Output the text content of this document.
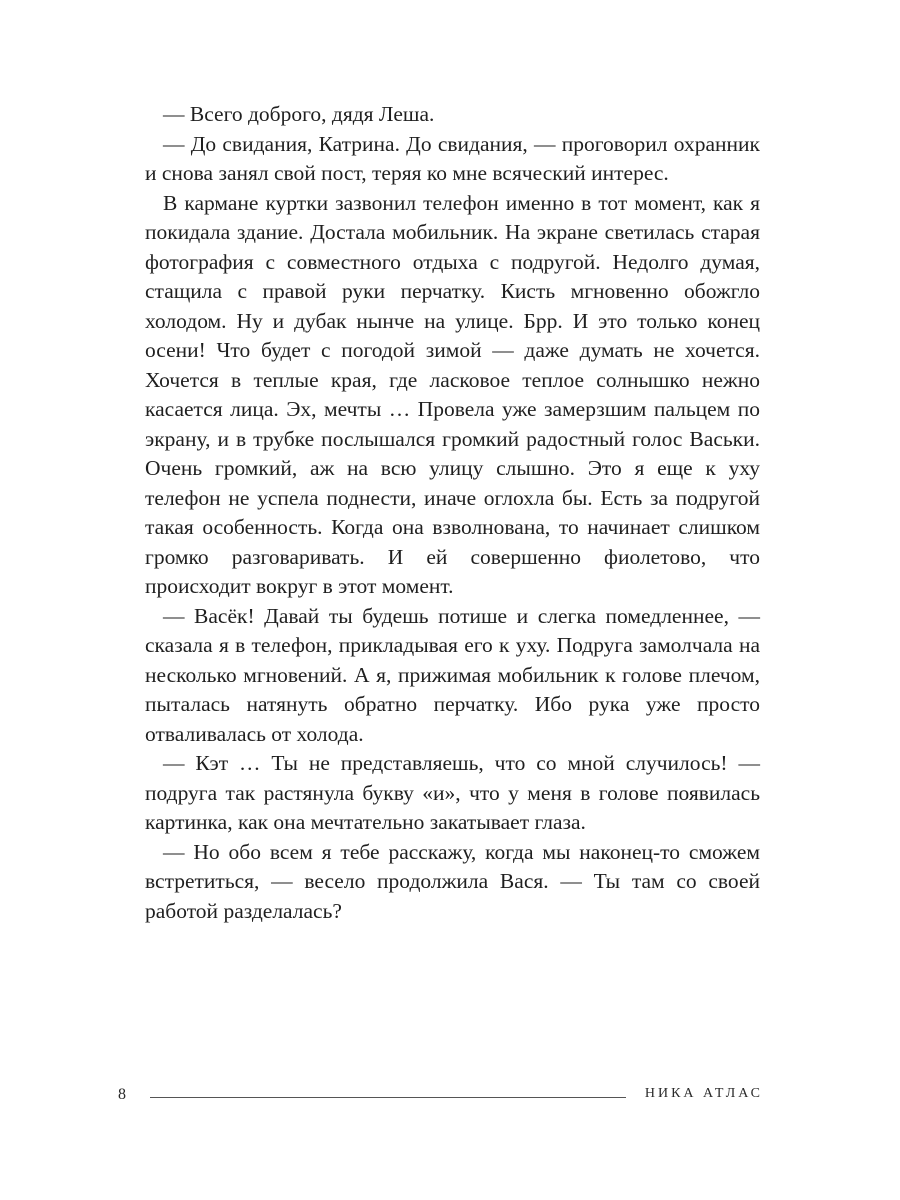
— Всего доброго, дядя Леша.

— До свидания, Катрина. До свидания, — проговорил охранник и снова занял свой пост, теряя ко мне всяческий интерес.

В кармане куртки зазвонил телефон именно в тот момент, как я покидала здание. Достала мобильник. На экране светилась старая фотография с совместного отдыха с подругой. Недолго думая, стащила с правой руки перчатку. Кисть мгновенно обожгло холодом. Ну и дубак нынче на улице. Брр. И это только конец осени! Что будет с погодой зимой — даже думать не хочется. Хочется в теплые края, где ласковое теплое солнышко нежно касается лица. Эх, мечты … Провела уже замерзшим пальцем по экрану, и в трубке послышался громкий радостный голос Васьки. Очень громкий, аж на всю улицу слышно. Это я еще к уху телефон не успела поднести, иначе оглохла бы. Есть за подругой такая особенность. Когда она взволнована, то начинает слишком громко разговаривать. И ей совершенно фиолетово, что происходит вокруг в этот момент.

— Васёк! Давай ты будешь потише и слегка помедленнее, — сказала я в телефон, прикладывая его к уху. Подруга замолчала на несколько мгновений. А я, прижимая мобильник к голове плечом, пыталась натянуть обратно перчатку. Ибо рука уже просто отваливалась от холода.

— Кэт … Ты не представляешь, что со мной случилось! — подруга так растянула букву «и», что у меня в голове появилась картинка, как она мечтательно закатывает глаза.

— Но обо всем я тебе расскажу, когда мы наконец-то сможем встретиться, — весело продолжила Вася. — Ты там со своей работой разделалась?

8	НИКА АТЛАС
